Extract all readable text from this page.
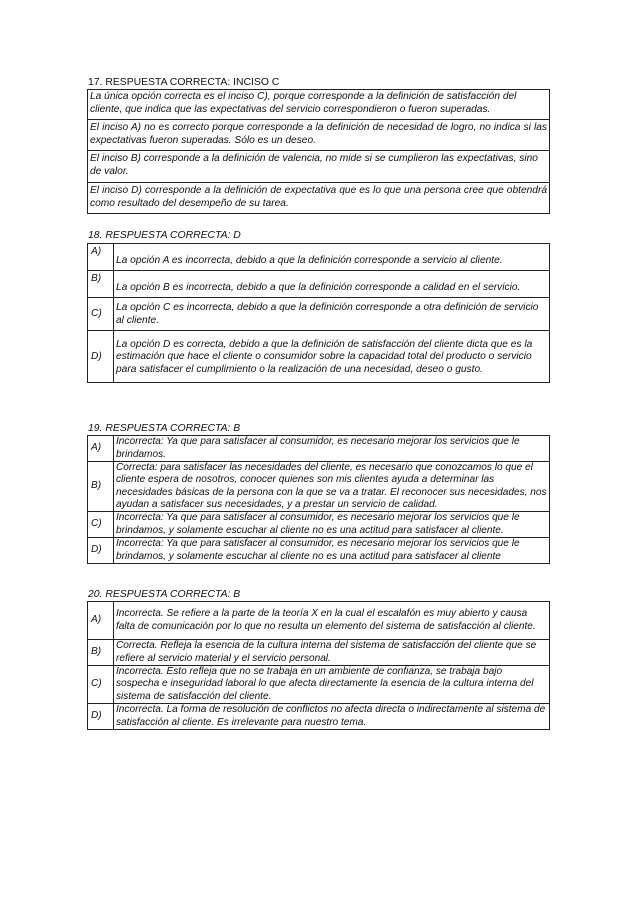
17. RESPUESTA CORRECTA: INCISO C
La única opción correcta es el inciso C), porque corresponde a la definición de satisfacción del cliente, que indica que las expectativas del servicio correspondieron o fueron superadas.
El inciso A) no es correcto porque corresponde a la definición de necesidad de logro, no indica si las expectativas fueron superadas. Sólo es un deseo.
El inciso B) corresponde a la definición de valencia, no mide si se cumplieron las expectativas, sino de valor.
El inciso D) corresponde a la definición de expectativa que es lo que una persona cree que obtendrá como resultado del desempeño de su tarea.
18. RESPUESTA CORRECTA: D
A)	La opción A es incorrecta, debido a que la definición corresponde a servicio al cliente.

B)	La opción B es incorrecta, debido a que la definición corresponde a calidad en el servicio.

C)	La opción C es incorrecta, debido a que la definición corresponde a otra definición de servicio al cliente.
D)	La opción D es correcta, debido a que la definición de satisfacción del cliente dicta que es la estimación que hace el cliente o consumidor sobre la capacidad total del producto o servicio para satisfacer el cumplimiento o la realización de una necesidad, deseo o gusto.
19. RESPUESTA CORRECTA: B
A)	Incorrecta: Ya que para satisfacer al consumidor, es necesario mejorar los servicios que le brindamos.
B)	Correcta: para satisfacer las necesidades del cliente, es necesario que conozcamos lo que el cliente espera de nosotros, conocer quienes son mis clientes ayuda a determinar las necesidades básicas de la persona con la que se va a tratar. El reconocer sus necesidades, nos ayudan a satisfacer sus necesidades, y a prestar un servicio de calidad.
C)	Incorrecta: Ya que para satisfacer al consumidor, es necesario mejorar los servicios que le brindamos, y solamente escuchar al cliente no es una actitud para satisfacer al cliente.
D)	Incorrecta: Ya que para satisfacer al consumidor, es necesario mejorar los servicios que le brindamos, y solamente escuchar al cliente no es una actitud para satisfacer al cliente
20. RESPUESTA CORRECTA: B
A)	Incorrecta. Se refiere a la parte de la teoría X en la cual el escalafón es muy abierto y causa falta de comunicación por lo que no resulta un elemento del sistema de satisfacción al cliente.
B)	Correcta. Refleja la esencia de la cultura interna del sistema de satisfacción del cliente que se refiere al servicio material y el servicio personal.
C)	Incorrecta. Esto refleja que no se trabaja en un ambiente de confianza, se trabaja bajo sospecha e inseguridad laboral lo que afecta directamente la esencia de la cultura interna del sistema de satisfacción del cliente.
D)	Incorrecta. La forma de resolución de conflictos no afecta directa o indirectamente al sistema de satisfacción al cliente. Es irrelevante para nuestro tema.
